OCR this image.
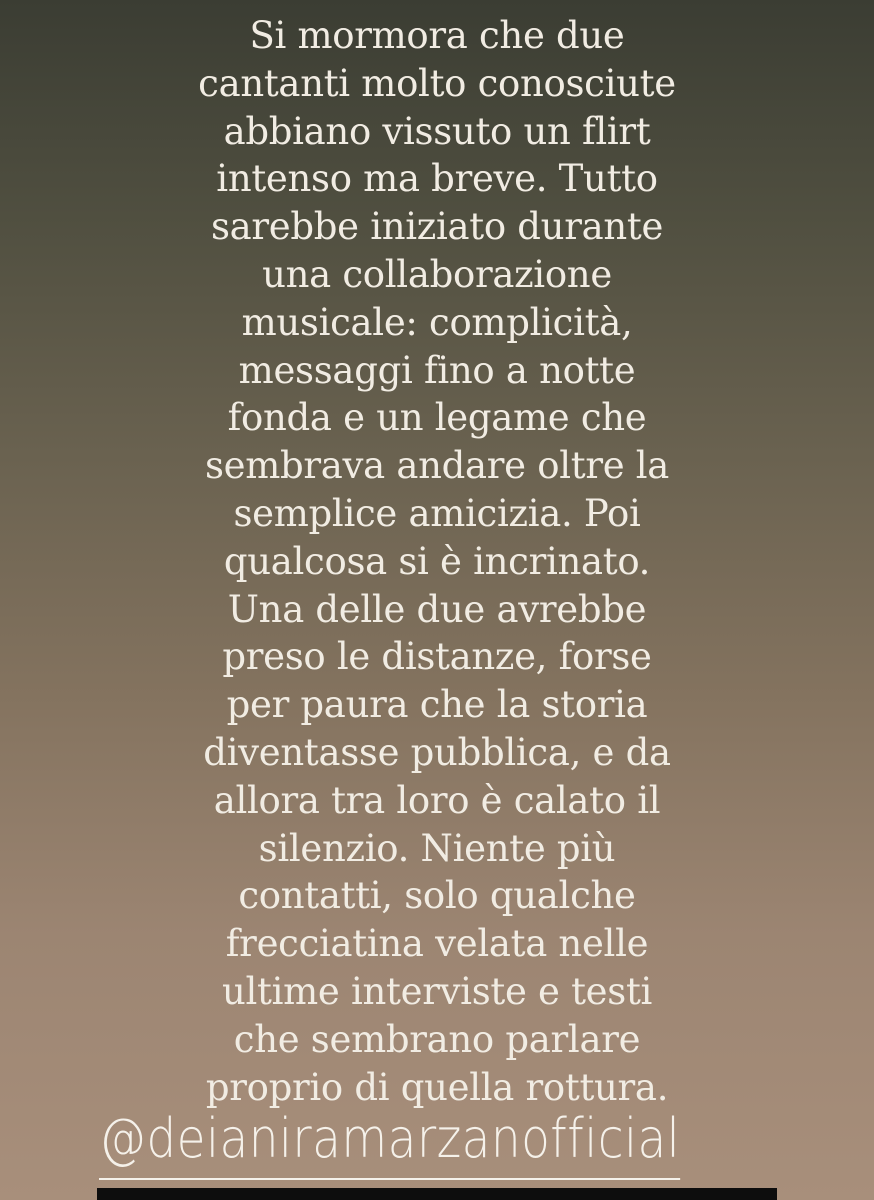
Si mormora che due
cantanti molto conosciute
abbiano vissuto un flirt
intenso ma breve. Tutto
sarebbe iniziato durante
una collaborazione
musicale: complicità,
messaggi fino a notte
fonda e un legame che
sembrava andare oltre la
semplice amicizia. Poi
qualcosa si è incrinato.
Una delle due avrebbe
preso le distanze, forse
per paura che la storia
diventasse pubblica, e da
allora tra loro è calato il
silenzio. Niente più
contatti, solo qualche
frecciatina velata nelle
ultime interviste e testi
che sembrano parlare
proprio di quella rottura.

@deianiramarzanofficial
